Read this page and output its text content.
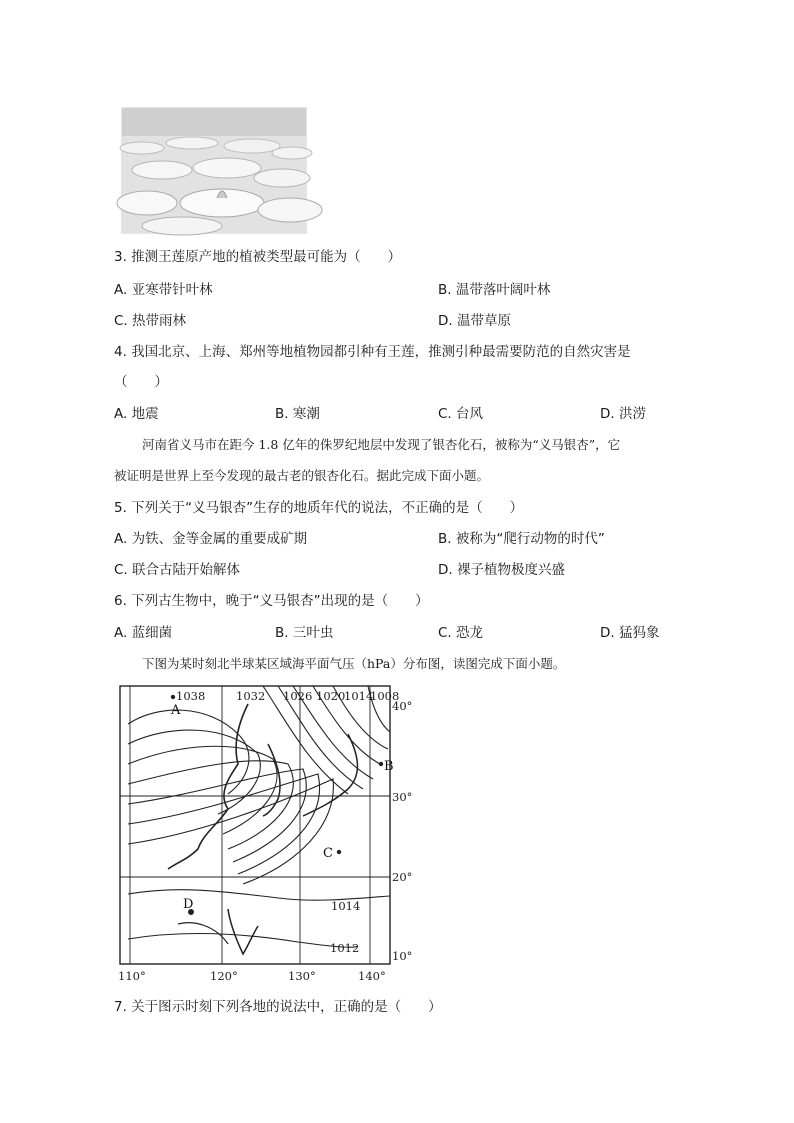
3. 推测王莲原产地的植被类型最可能为（　　）
A. 亚寒带针叶林	B. 温带落叶阔叶林
C. 热带雨林	D. 温带草原
4. 我国北京、上海、郑州等地植物园都引种有王莲，推测引种最需要防范的自然灾害是
（　　）
A. 地震	B. 寒潮	C. 台风	D. 洪涝
河南省义马市在距今 1.8 亿年的侏罗纪地层中发现了银杏化石，被称为“义马银杏”，它
被证明是世界上至今发现的最古老的银杏化石。据此完成下面小题。
5. 下列关于“义马银杏”生存的地质年代的说法，不正确的是（　　）
A. 为铁、金等金属的重要成矿期	B. 被称为“爬行动物的时代”
C. 联合古陆开始解体	D. 裸子植物极度兴盛
6. 下列古生物中，晚于“义马银杏”出现的是（　　）
A. 蓝细菌	B. 三叶虫	C. 恐龙	D. 猛犸象
下图为某时刻北半球某区域海平面气压（hPa）分布图，读图完成下面小题。
1038	1032 1026 1020
1014
1008
1014
1012
40°
30°
20°
10°
110°	120°	130°	140°
A
B
C
D
7. 关于图示时刻下列各地的说法中，正确的是（　　）
